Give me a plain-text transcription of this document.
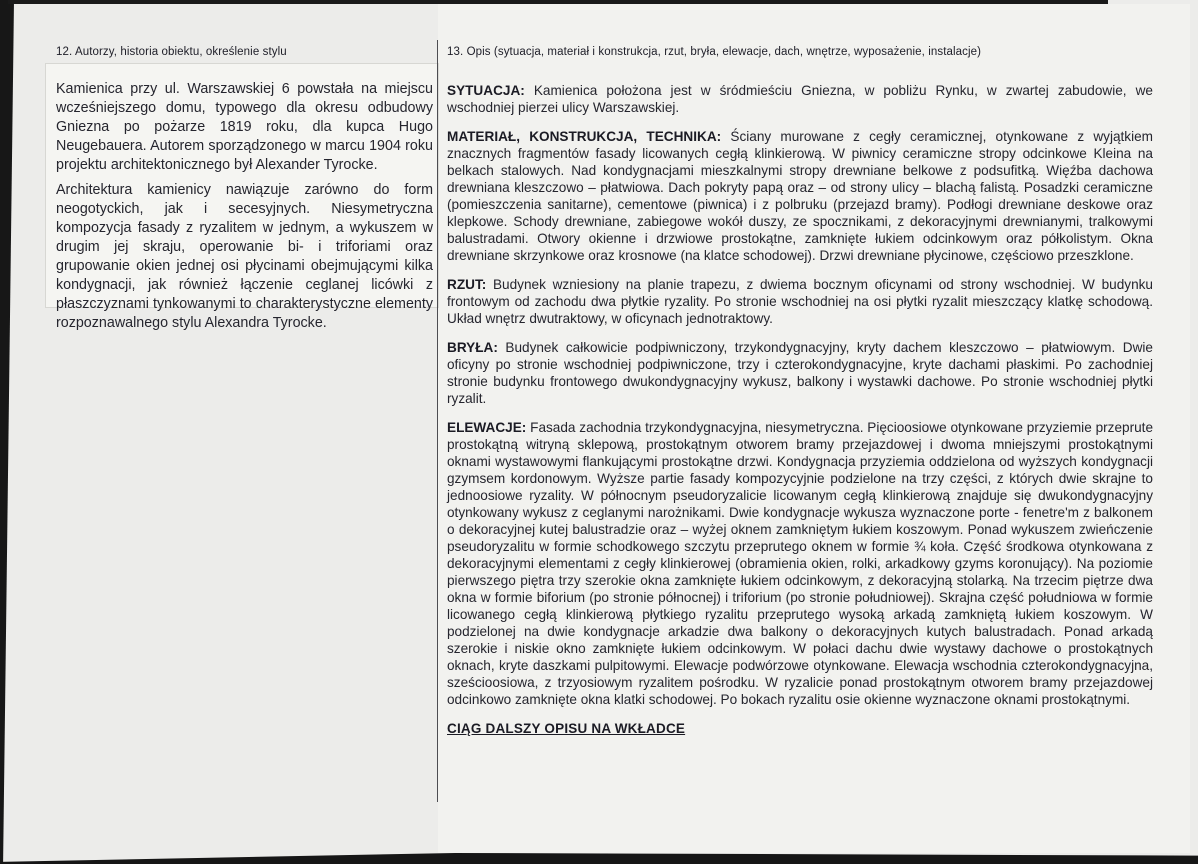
12. Autorzy, historia obiektu, określenie stylu

Kamienica przy ul. Warszawskiej 6 powstała na miejscu wcześniejszego domu, typowego dla okresu odbudowy Gniezna po pożarze 1819 roku, dla kupca Hugo Neugebauera. Autorem sporządzonego w marcu 1904 roku projektu architektonicznego był Alexander Tyrocke.

Architektura kamienicy nawiązuje zarówno do form neogotyckich, jak i secesyjnych. Niesymetryczna kompozycja fasady z ryzalitem w jednym, a wykuszem w drugim jej skraju, operowanie bi- i triforiami oraz grupowanie okien jednej osi płycinami obejmującymi kilka kondygnacji, jak również łączenie ceglanej licówki z płaszczyznami tynkowanymi to charakterystyczne elementy rozpoznawalnego stylu Alexandra Tyrocke.

13. Opis (sytuacja, materiał i konstrukcja, rzut, bryła, elewacje, dach, wnętrze, wyposażenie, instalacje)

SYTUACJA: Kamienica położona jest w śródmieściu Gniezna, w pobliżu Rynku, w zwartej zabudowie, we wschodniej pierzei ulicy Warszawskiej.

MATERIAŁ, KONSTRUKCJA, TECHNIKA: Ściany murowane z cegły ceramicznej, otynkowane z wyjątkiem znacznych fragmentów fasady licowanych cegłą klinkierową. W piwnicy ceramiczne stropy odcinkowe Kleina na belkach stalowych. Nad kondygnacjami mieszkalnymi stropy drewniane belkowe z podsufitką. Więźba dachowa drewniana kleszczowo – płatwiowa. Dach pokryty papą oraz – od strony ulicy – blachą falistą. Posadzki ceramiczne (pomieszczenia sanitarne), cementowe (piwnica) i z polbruku (przejazd bramy). Podłogi drewniane deskowe oraz klepkowe. Schody drewniane, zabiegowe wokół duszy, ze spocznikami, z dekoracyjnymi drewnianymi, tralkowymi balustradami. Otwory okienne i drzwiowe prostokątne, zamknięte łukiem odcinkowym oraz półkolistym. Okna drewniane skrzynkowe oraz krosnowe (na klatce schodowej). Drzwi drewniane płycinowe, częściowo przeszklone.

RZUT: Budynek wzniesiony na planie trapezu, z dwiema bocznym oficynami od strony wschodniej. W budynku frontowym od zachodu dwa płytkie ryzality. Po stronie wschodniej na osi płytki ryzalit mieszczący klatkę schodową. Układ wnętrz dwutraktowy, w oficynach jednotraktowy.

BRYŁA: Budynek całkowicie podpiwniczony, trzykondygnacyjny, kryty dachem kleszczowo – płatwiowym. Dwie oficyny po stronie wschodniej podpiwniczone, trzy i czterokondygnacyjne, kryte dachami płaskimi. Po zachodniej stronie budynku frontowego dwukondygnacyjny wykusz, balkony i wystawki dachowe. Po stronie wschodniej płytki ryzalit.

ELEWACJE: Fasada zachodnia trzykondygnacyjna, niesymetryczna. Pięcioosiowe otynkowane przyziemie przeprute prostokątną witryną sklepową, prostokątnym otworem bramy przejazdowej i dwoma mniejszymi prostokątnymi oknami wystawowymi flankującymi prostokątne drzwi. Kondygnacja przyziemia oddzielona od wyższych kondygnacji gzymsem kordonowym. Wyższe partie fasady kompozycyjnie podzielone na trzy części, z których dwie skrajne to jednoosiowe ryzality. W północnym pseudoryzalicie licowanym cegłą klinkierową znajduje się dwukondygnacyjny otynkowany wykusz z ceglanymi narożnikami. Dwie kondygnacje wykusza wyznaczone porte - fenetre'm z balkonem o dekoracyjnej kutej balustradzie oraz – wyżej oknem zamkniętym łukiem koszowym. Ponad wykuszem zwieńczenie pseudoryzalitu w formie schodkowego szczytu przeprutego oknem w formie ¾ koła. Część środkowa otynkowana z dekoracyjnymi elementami z cegły klinkierowej (obramienia okien, rolki, arkadkowy gzyms koronujący). Na poziomie pierwszego piętra trzy szerokie okna zamknięte łukiem odcinkowym, z dekoracyjną stolarką. Na trzecim piętrze dwa okna w formie biforium (po stronie północnej) i triforium (po stronie południowej). Skrajna część południowa w formie licowanego cegłą klinkierową płytkiego ryzalitu przeprutego wysoką arkadą zamkniętą łukiem koszowym. W podzielonej na dwie kondygnacje arkadzie dwa balkony o dekoracyjnych kutych balustradach. Ponad arkadą szerokie i niskie okno zamknięte łukiem odcinkowym. W połaci dachu dwie wystawy dachowe o prostokątnych oknach, kryte daszkami pulpitowymi. Elewacje podwórzowe otynkowane. Elewacja wschodnia czterokondygnacyjna, sześcioosiowa, z trzyosiowym ryzalitem pośrodku. W ryzalicie ponad prostokątnym otworem bramy przejazdowej odcinkowo zamknięte okna klatki schodowej. Po bokach ryzalitu osie okienne wyznaczone oknami prostokątnymi.

CIĄG DALSZY OPISU NA WKŁADCE
